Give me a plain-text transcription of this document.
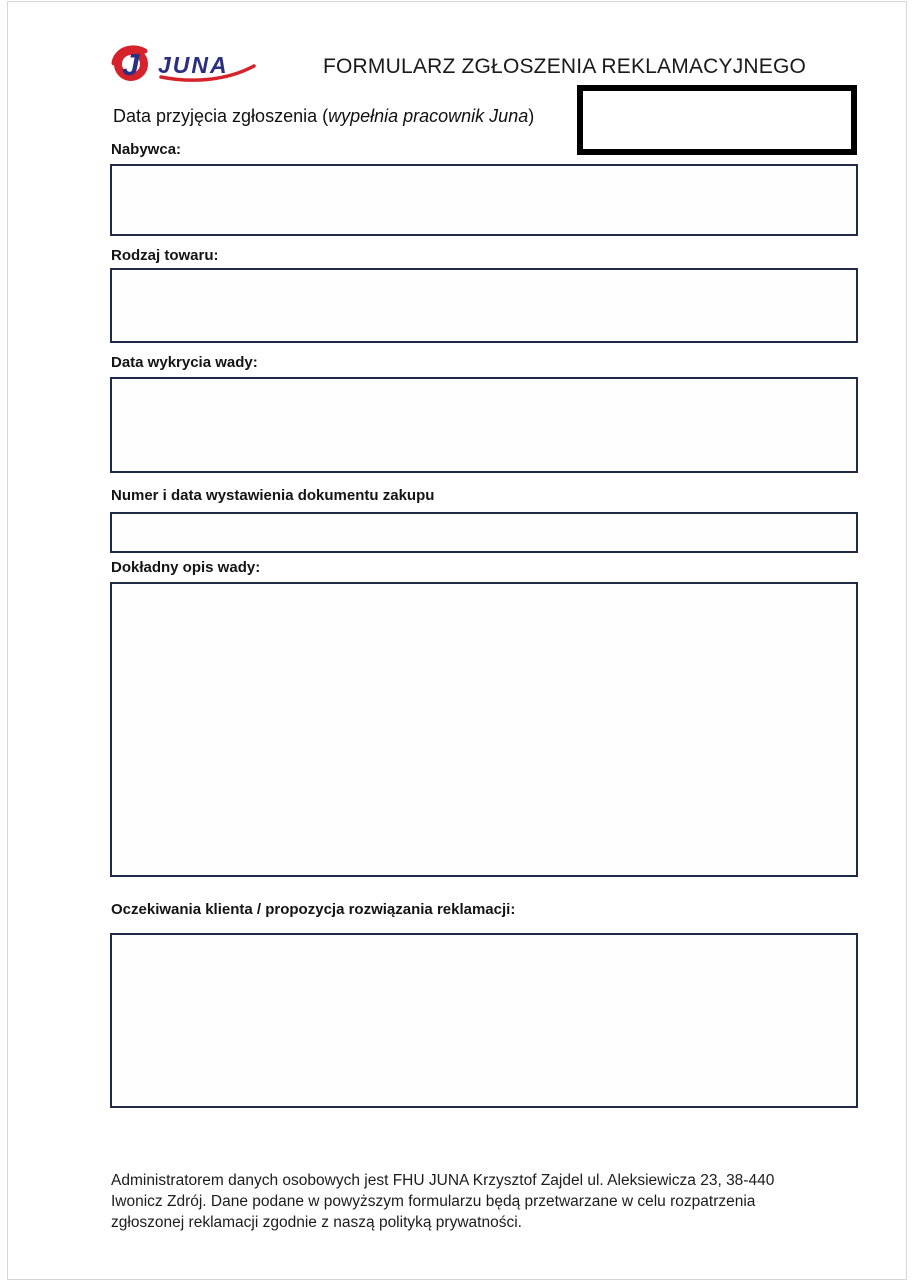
J JUNA	FORMULARZ ZGŁOSZENIA REKLAMACYJNEGO
Data przyjęcia zgłoszenia (wypełnia pracownik Juna)
Nabywca:
Rodzaj towaru:
Data wykrycia wady:
Numer i data wystawienia dokumentu zakupu
Dokładny opis wady:
Oczekiwania klienta / propozycja rozwiązania reklamacji:
Administratorem danych osobowych jest FHU JUNA Krzysztof Zajdel ul. Aleksiewicza 23, 38-440 Iwonicz Zdrój. Dane podane w powyższym formularzu będą przetwarzane w celu rozpatrzenia zgłoszonej reklamacji zgodnie z naszą polityką prywatności.
